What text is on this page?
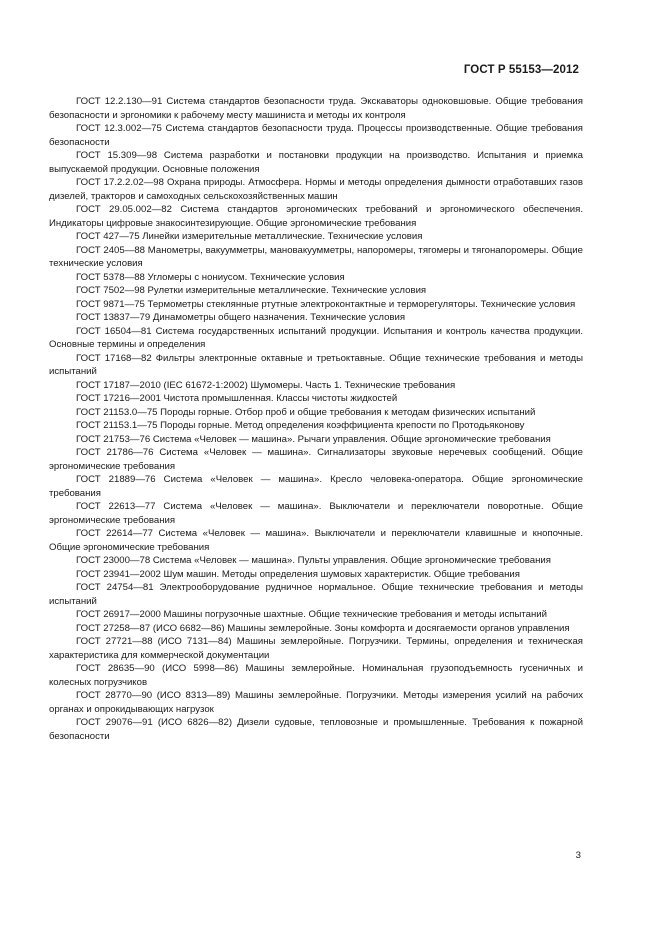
ГОСТ Р 55153—2012

ГОСТ 12.2.130—91 Система стандартов безопасности труда. Экскаваторы одноковшовые. Общие требования безопасности и эргономики к рабочему месту машиниста и методы их контроля

ГОСТ 12.3.002—75 Система стандартов безопасности труда. Процессы производственные. Общие требования безопасности

ГОСТ 15.309—98 Система разработки и постановки продукции на производство. Испытания и приемка выпускаемой продукции. Основные положения

ГОСТ 17.2.2.02—98 Охрана природы. Атмосфера. Нормы и методы определения дымности отработавших газов дизелей, тракторов и самоходных сельскохозяйственных машин

ГОСТ 29.05.002—82 Система стандартов эргономических требований и эргономического обеспечения. Индикаторы цифровые знакосинтезирующие. Общие эргономические требования

ГОСТ 427—75 Линейки измерительные металлические. Технические условия

ГОСТ 2405—88 Манометры, вакуумметры, мановакуумметры, напоромеры, тягомеры и тягонапоромеры. Общие технические условия

ГОСТ 5378—88 Угломеры с нониусом. Технические условия

ГОСТ 7502—98 Рулетки измерительные металлические. Технические условия

ГОСТ 9871—75 Термометры стеклянные ртутные электроконтактные и терморегуляторы. Технические условия

ГОСТ 13837—79 Динамометры общего назначения. Технические условия

ГОСТ 16504—81 Система государственных испытаний продукции. Испытания и контроль качества продукции. Основные термины и определения

ГОСТ 17168—82 Фильтры электронные октавные и третьоктавные. Общие технические требования и методы испытаний

ГОСТ 17187—2010 (IEC 61672-1:2002) Шумомеры. Часть 1. Технические требования

ГОСТ 17216—2001 Чистота промышленная. Классы чистоты жидкостей

ГОСТ 21153.0—75 Породы горные. Отбор проб и общие требования к методам физических испытаний

ГОСТ 21153.1—75 Породы горные. Метод определения коэффициента крепости по Протодьяконову

ГОСТ 21753—76 Система «Человек — машина». Рычаги управления. Общие эргономические требования

ГОСТ 21786—76 Система «Человек — машина». Сигнализаторы звуковые неречевых сообщений. Общие эргономические требования

ГОСТ 21889—76 Система «Человек — машина». Кресло человека-оператора. Общие эргономические требования

ГОСТ 22613—77 Система «Человек — машина». Выключатели и переключатели поворотные. Общие эргономические требования

ГОСТ 22614—77 Система «Человек — машина». Выключатели и переключатели клавишные и кнопочные. Общие эргономические требования

ГОСТ 23000—78 Система «Человек — машина». Пульты управления. Общие эргономические требования

ГОСТ 23941—2002 Шум машин. Методы определения шумовых характеристик. Общие требования

ГОСТ 24754—81 Электрооборудование рудничное нормальное. Общие технические требования и методы испытаний

ГОСТ 26917—2000 Машины погрузочные шахтные. Общие технические требования и методы испытаний

ГОСТ 27258—87 (ИСО 6682—86) Машины землеройные. Зоны комфорта и досягаемости органов управления

ГОСТ 27721—88 (ИСО 7131—84) Машины землеройные. Погрузчики. Термины, определения и техническая характеристика для коммерческой документации

ГОСТ 28635—90 (ИСО 5998—86) Машины землеройные. Номинальная грузоподъемность гусеничных и колесных погрузчиков

ГОСТ 28770—90 (ИСО 8313—89) Машины землеройные. Погрузчики. Методы измерения усилий на рабочих органах и опрокидывающих нагрузок

ГОСТ 29076—91 (ИСО 6826—82) Дизели судовые, тепловозные и промышленные. Требования к пожарной безопасности

3
